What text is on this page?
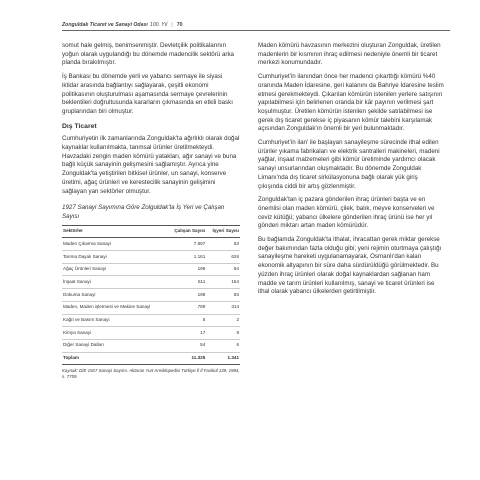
Zonguldak Ticaret ve Sanayi Odası 100. Yıl | 70

somut hale gelmiş, benimsenmiştir. Devletçilik politikalarının yoğun olarak uygulandığı bu dönemde madencilik sektörü arka planda bırakılmıştır.

İş Bankası bu dönemde yerli ve yabancı sermaye ile siyasi iktidar arasında bağlantıyı sağlayarak, çeşitli ekonomi politikasının oluşturulması aşamasında sermaye çevrelerinin beklentileri doğrultusunda kararların çıkmasında en etkili baskı gruplarından biri olmuştur.

Dış Ticaret

Cumhuriyetin ilk zamanlarında Zonguldak'ta ağırlıklı olarak doğal kaynaklar kullanılmakta, tanmsal ürünler üretilmekteydi. Havzadaki zengin maden kömürü yatakları, ağır sanayi ve buna bağlı küçük sanayinin gelişmesini sağlamıştır. Ayrıca yine Zonguldak'ta yetiştirilen bitkisel ürünler, un sanayi, konserve üretimi, ağaç ürünleri ve kerestecilik sanayinin gelişimini sağlayan yan sektörler olmuştur.

1927 Sanayi Sayımına Göre Zolguldak'ta İş Yeri ve Çalışan Sayısı
Sektörler	Çalışan Sayısı	İşyeri Sayısı
Maden Çıkarma Sanayi	7.897	63
Tarıma Dayalı Sanayi	1.161	626
Ağaç Ürünleri Sanayi	198	84
İnşaat Sanayi	511	154
Dokuma Sanayi	198	83
Maden, Maden işletmesi ve Makine Sanayi	789	314
Kağıt ve Basım Sanayi	5	2
Kimya Sanayi	17	9
Diğer Sanayi Dalları	54	6
Toplam	11.325	1.341
Kaynak: DİE 1927 Sanayi Sayımı. Aktaran Yurt Ansiklopedisi Türkiye İl İl Fasikül 139, 1984, s. 7759.

Maden kömürü havzasının merkezini oluşturan Zonguldak, üretilen madenlerin bir kısmının ihraç edilmesi nedeniyle önemli bir ticaret merkezi konumundadır.

Cumhuriyet'in ilanından önce her madenci çıkarttığı kömürü %40 oranında Maden İdaresine, geri kalanını da Bahriye İdaresine teslim etmesi gerekmekteydi. Çıkarılan kömürün istenilen yerlere satışının yapılabilmesi için belirlenen oranda bir kâr payının verilmesi şart koşulmuştur. Üretilen kömürün istenilen şekilde satılabilmesi ise gerek dış ticaret gerekse iç piyasanın kömür talebini karşılamak açısından Zonguldak'ın önemli bir yeri bulunmaktadır.

Cumhuriyet'in ilan' ile başlayan sanayileşme sürecinde ithal edilen ürünler yıkama fabrikaları ve elektrik santralleri makineleri, madeni yağlar, inşaat malzemeleri gibi kömür üretiminde yardımcı olacak sanayi unsurlarından oluşmaktadır. Bu dönemde Zonguldak Limanı'nda dış ticaret sirkülasyonuna bağlı olarak yük giriş çıkışında ciddi bir artış gözlenmiştir.

Zonguldak'tan iç pazara gönderilen ihraç ürünleri başta ve en önemlisi olan maden kömürü, çilek, balık, meyve konserveleri ve ceviz kütüğü; yabancı ülkelere gönderilen ihraç ürünü ise her yıl gönderi miktarı artan maden kömürüdür.

Bu bağlamda Zonguldak'ta ithalat, ihracattan gerek miktar gerekse değer bakımından fazla olduğu gibi; yeni rejimin oturtmaya çalıştığı sanayileşme hareketi uygulanamayarak, Osmanlı'dan kalan ekonomik altyapının bir süre daha sürdürüldüğü görülmektedir. Bu yüzden ihraç ürünleri olarak doğal kaynaklardan sağlanan ham madde ve tarım ürünleri kullanılmış, sanayi ve ticaret ürünleri ise ithal olarak yabancı ülkelerden getirtilmiştir.
